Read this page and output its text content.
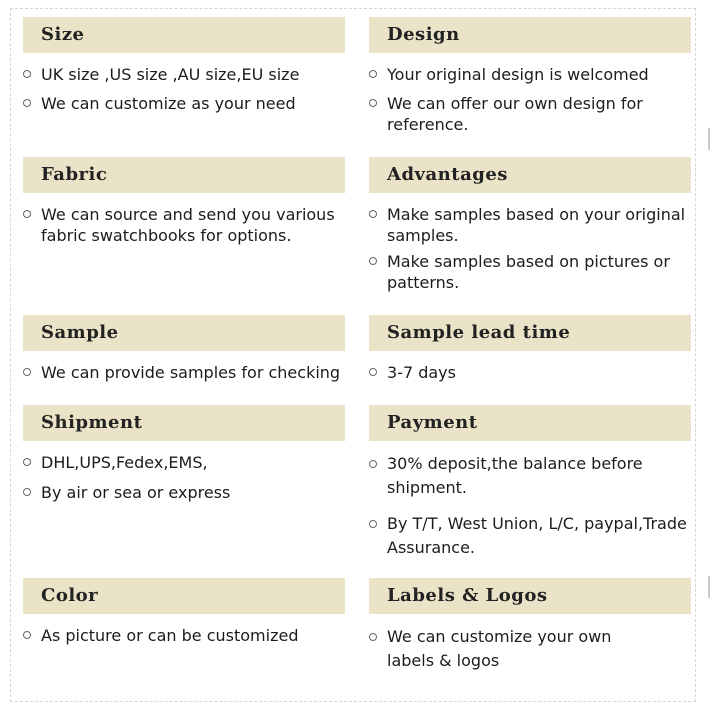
Size
UK size ,US size ,AU size,EU size
We can customize as your need
Design
Your original design is welcomed
We can offer our own design for reference.
Fabric
We can source and send you various fabric swatchbooks for options.
Advantages
Make samples based on your original samples.
Make samples based on pictures or patterns.
Sample
We can provide samples for checking
Sample lead time
3-7 days
Shipment
DHL,UPS,Fedex,EMS,
By air or sea or express
Payment
30% deposit,the balance before shipment.
By T/T, West Union, L/C, paypal,Trade Assurance.
Color
As picture or can be customized
Labels & Logos
We can customize your own labels & logos
